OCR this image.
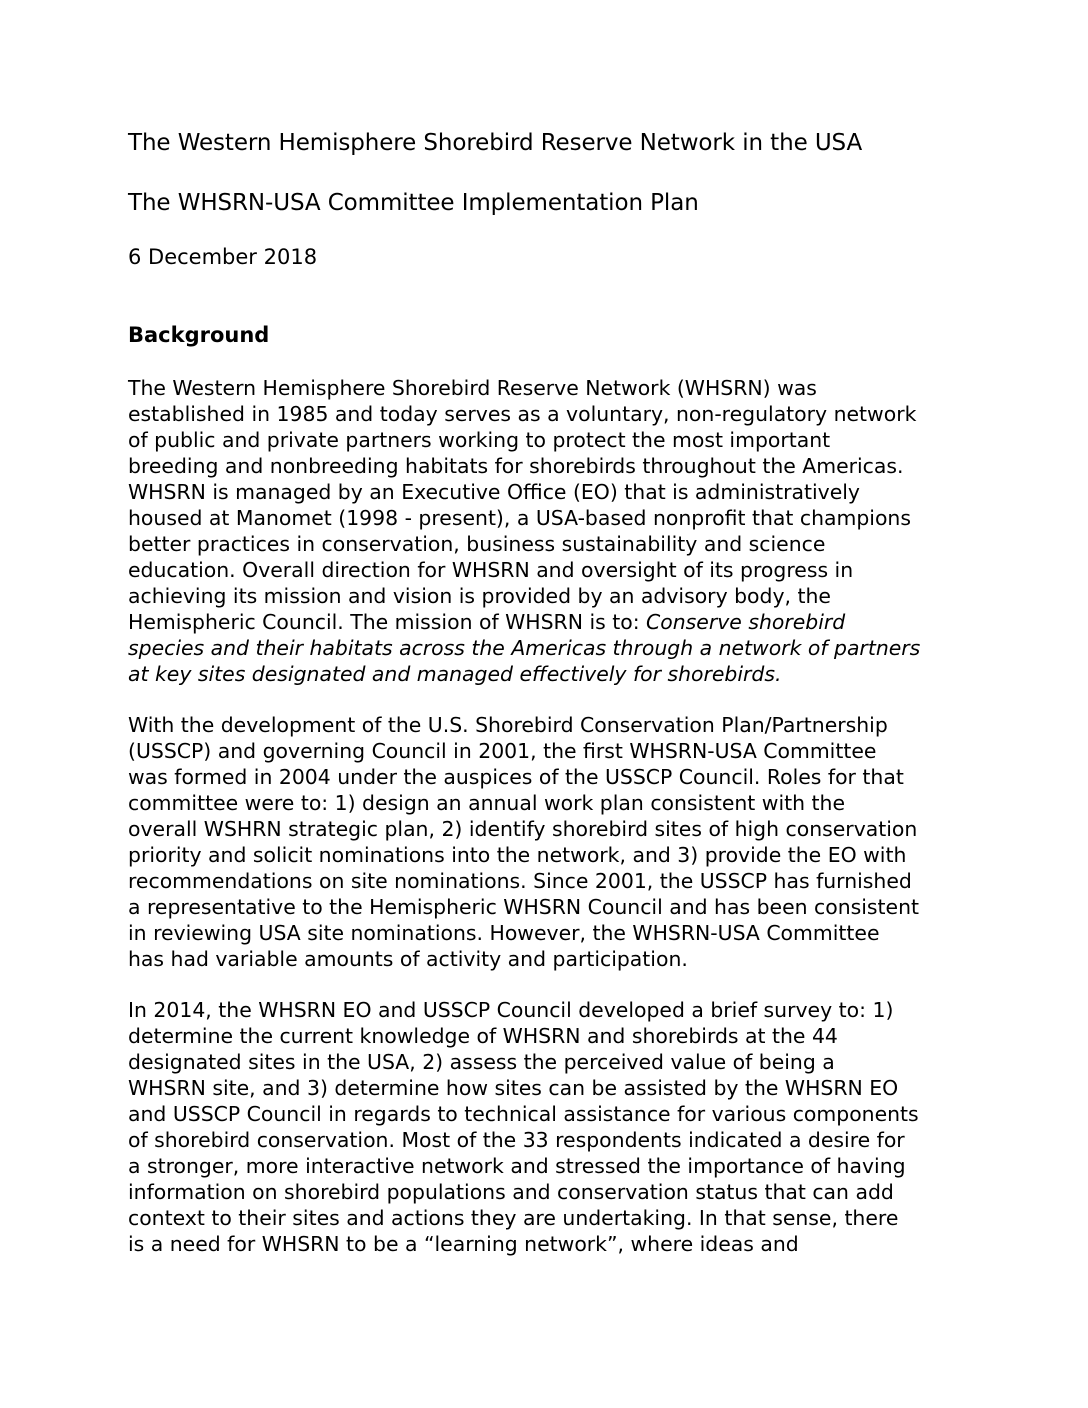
The Western Hemisphere Shorebird Reserve Network in the USA
The WHSRN-USA Committee Implementation Plan
6 December 2018
Background
The Western Hemisphere Shorebird Reserve Network (WHSRN) was
established in 1985 and today serves as a voluntary, non-regulatory network
of public and private partners working to protect the most important
breeding and nonbreeding habitats for shorebirds throughout the Americas.
WHSRN is managed by an Executive Office (EO) that is administratively
housed at Manomet (1998 - present), a USA-based nonprofit that champions
better practices in conservation, business sustainability and science
education. Overall direction for WHSRN and oversight of its progress in
achieving its mission and vision is provided by an advisory body, the
Hemispheric Council. The mission of WHSRN is to: Conserve shorebird
species and their habitats across the Americas through a network of partners
at key sites designated and managed effectively for shorebirds.
With the development of the U.S. Shorebird Conservation Plan/Partnership
(USSCP) and governing Council in 2001, the first WHSRN-USA Committee
was formed in 2004 under the auspices of the USSCP Council. Roles for that
committee were to: 1) design an annual work plan consistent with the
overall WSHRN strategic plan, 2) identify shorebird sites of high conservation
priority and solicit nominations into the network, and 3) provide the EO with
recommendations on site nominations. Since 2001, the USSCP has furnished
a representative to the Hemispheric WHSRN Council and has been consistent
in reviewing USA site nominations. However, the WHSRN-USA Committee
has had variable amounts of activity and participation.
In 2014, the WHSRN EO and USSCP Council developed a brief survey to: 1)
determine the current knowledge of WHSRN and shorebirds at the 44
designated sites in the USA, 2) assess the perceived value of being a
WHSRN site, and 3) determine how sites can be assisted by the WHSRN EO
and USSCP Council in regards to technical assistance for various components
of shorebird conservation. Most of the 33 respondents indicated a desire for
a stronger, more interactive network and stressed the importance of having
information on shorebird populations and conservation status that can add
context to their sites and actions they are undertaking. In that sense, there
is a need for WHSRN to be a “learning network”, where ideas and
